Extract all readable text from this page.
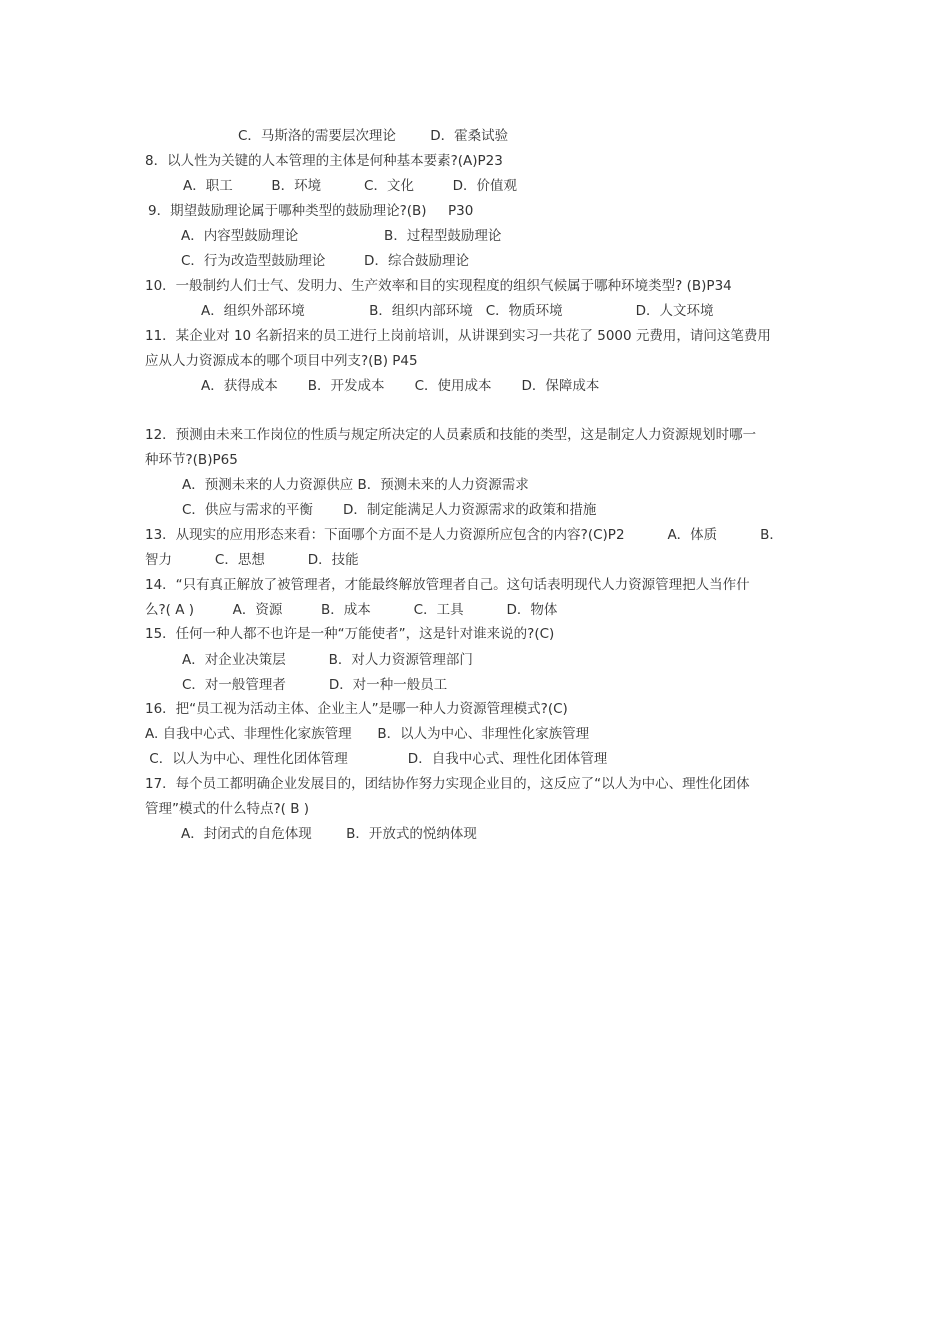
C．马斯洛的需要层次理论        D．霍桑试验
8．以人性为关键的人本管理的主体是何种基本要素?(A)P23
A．职工         B．环境          C．文化         D．价值观
9．期望鼓励理论属于哪种类型的鼓励理论?(B)     P30
A．内容型鼓励理论                    B．过程型鼓励理论
C．行为改造型鼓励理论         D．综合鼓励理论
10．一般制约人们士气、发明力、生产效率和目的实现程度的组织气候属于哪种环境类型? (B)P34
A．组织外部环境               B．组织内部环境   C．物质环境                 D．人文环境
11．某企业对 10 名新招来的员工进行上岗前培训，从讲课到实习一共花了 5000 元费用，请问这笔费用
应从人力资源成本的哪个项目中列支?(B) P45
A．获得成本       B．开发成本       C．使用成本       D．保障成本
12．预测由未来工作岗位的性质与规定所决定的人员素质和技能的类型，这是制定人力资源规划时哪一
种环节?(B)P65
A．预测未来的人力资源供应 B．预测未来的人力资源需求
C．供应与需求的平衡       D．制定能满足人力资源需求的政策和措施
13．从现实的应用形态来看：下面哪个方面不是人力资源所应包含的内容?(C)P2          A．体质          B．
智力          C．思想          D．技能
14．“只有真正解放了被管理者，才能最终解放管理者自己。这句话表明现代人力资源管理把人当作什
么?( A )         A．资源         B．成本          C．工具          D．物体
15．任何一种人都不也许是一种“万能使者”，这是针对谁来说的?(C)
A．对企业决策层          B．对人力资源管理部门
C．对一般管理者          D．对一种一般员工
16．把“员工视为活动主体、企业主人”是哪一种人力资源管理模式?(C)
A. 自我中心式、非理性化家族管理      B．以人为中心、非理性化家族管理
C．以人为中心、理性化团体管理              D．自我中心式、理性化团体管理
17．每个员工都明确企业发展目的，团结协作努力实现企业目的，这反应了“以人为中心、理性化团体
管理”模式的什么特点?( B )
A．封闭式的自危体现        B．开放式的悦纳体现
